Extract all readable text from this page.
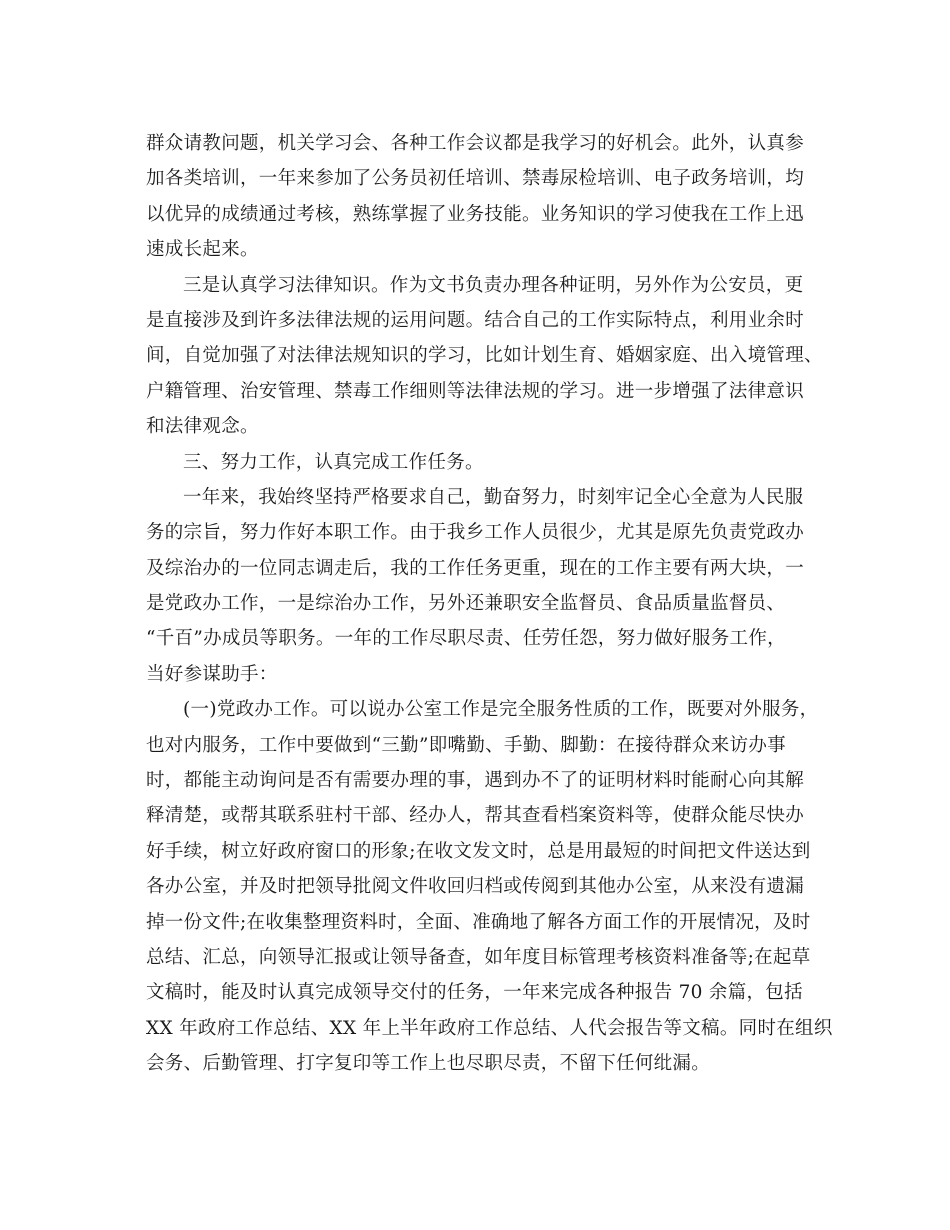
群众请教问题，机关学习会、各种工作会议都是我学习的好机会。此外，认真参
加各类培训，一年来参加了公务员初任培训、禁毒尿检培训、电子政务培训，均
以优异的成绩通过考核，熟练掌握了业务技能。业务知识的学习使我在工作上迅
速成长起来。
三是认真学习法律知识。作为文书负责办理各种证明，另外作为公安员，更
是直接涉及到许多法律法规的运用问题。结合自己的工作实际特点，利用业余时
间，自觉加强了对法律法规知识的学习，比如计划生育、婚姻家庭、出入境管理、
户籍管理、治安管理、禁毒工作细则等法律法规的学习。进一步增强了法律意识
和法律观念。
三、努力工作，认真完成工作任务。
一年来，我始终坚持严格要求自己，勤奋努力，时刻牢记全心全意为人民服
务的宗旨，努力作好本职工作。由于我乡工作人员很少，尤其是原先负责党政办
及综治办的一位同志调走后，我的工作任务更重，现在的工作主要有两大块，一
是党政办工作，一是综治办工作，另外还兼职安全监督员、食品质量监督员、
“千百”办成员等职务。一年的工作尽职尽责、任劳任怨，努力做好服务工作，
当好参谋助手：
(一)党政办工作。可以说办公室工作是完全服务性质的工作，既要对外服务，
也对内服务，工作中要做到“三勤”即嘴勤、手勤、脚勤：在接待群众来访办事
时，都能主动询问是否有需要办理的事，遇到办不了的证明材料时能耐心向其解
释清楚，或帮其联系驻村干部、经办人，帮其查看档案资料等，使群众能尽快办
好手续，树立好政府窗口的形象;在收文发文时，总是用最短的时间把文件送达到
各办公室，并及时把领导批阅文件收回归档或传阅到其他办公室，从来没有遗漏
掉一份文件;在收集整理资料时，全面、准确地了解各方面工作的开展情况，及时
总结、汇总，向领导汇报或让领导备查，如年度目标管理考核资料准备等;在起草
文稿时，能及时认真完成领导交付的任务，一年来完成各种报告 70 余篇，包括
XX 年政府工作总结、XX 年上半年政府工作总结、人代会报告等文稿。同时在组织
会务、后勤管理、打字复印等工作上也尽职尽责，不留下任何纰漏。
